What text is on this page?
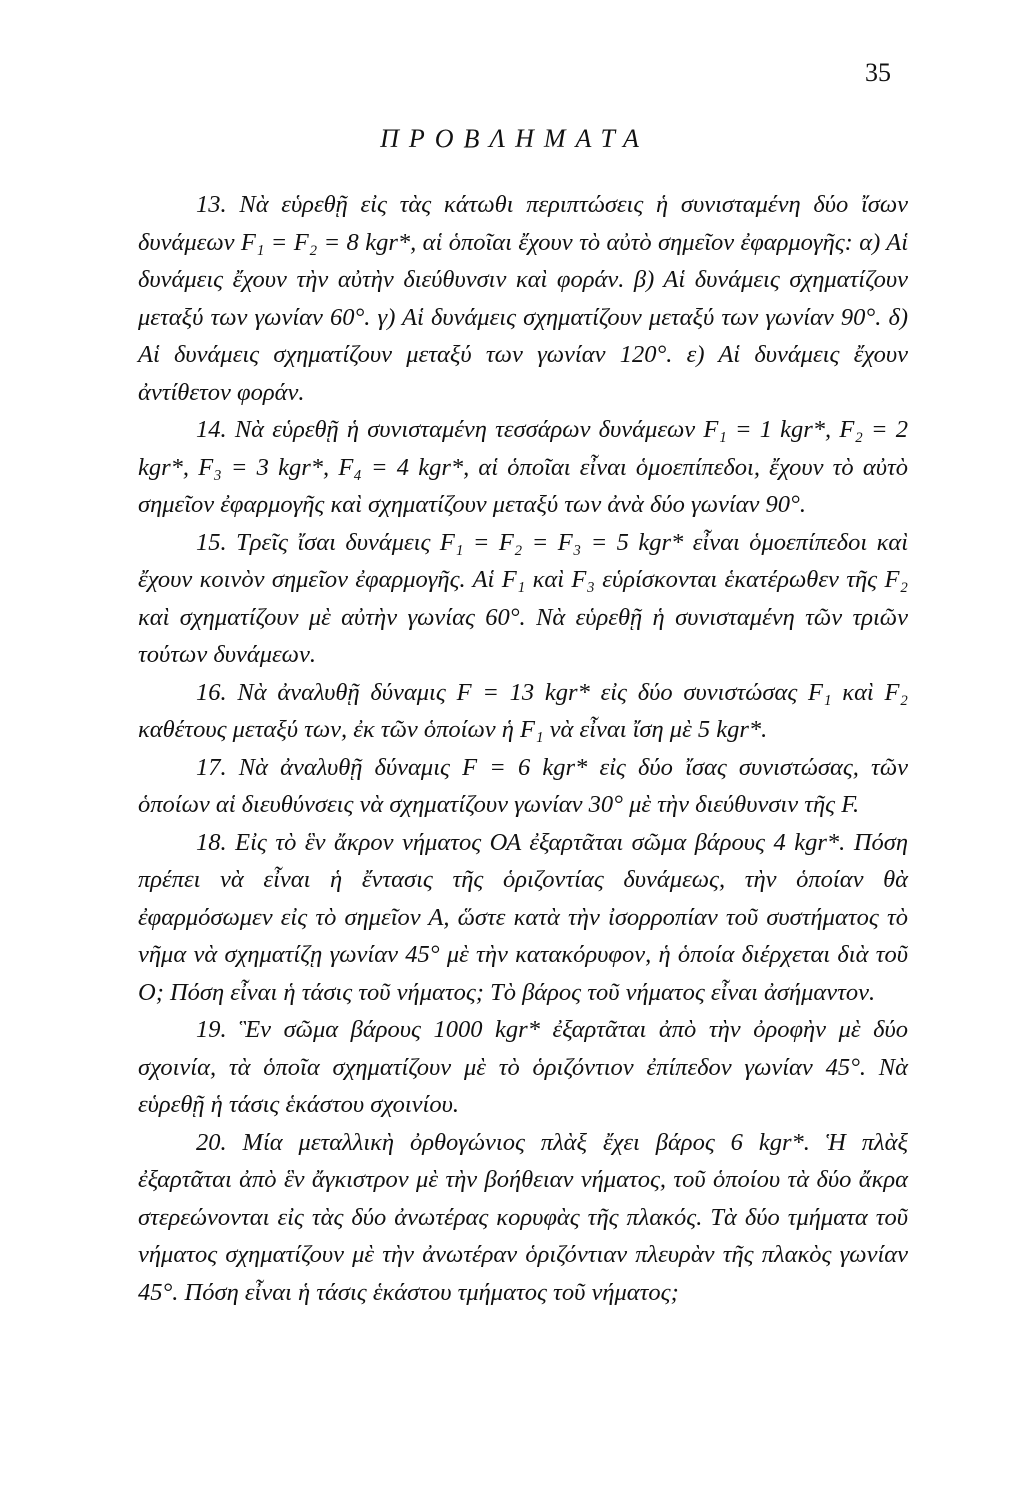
35

ΠΡΟΒΛΗΜΑΤΑ

13. Νὰ εὑρεθῇ εἰς τὰς κάτωθι περιπτώσεις ἡ συνισταμένη δύο ἴσων δυνάμεων F₁ = F₂ = 8 kgr*, αἱ ὁποῖαι ἔχουν τὸ αὐτὸ σημεῖον ἐφαρμογῆς: α) Αἱ δυνάμεις ἔχουν τὴν αὐτὴν διεύθυνσιν καὶ φοράν. β) Αἱ δυνάμεις σχηματίζουν μεταξύ των γωνίαν 60°. γ) Αἱ δυνάμεις σχηματίζουν μεταξύ των γωνίαν 90°. δ) Αἱ δυνάμεις σχηματίζουν μεταξύ των γωνίαν 120°. ε) Αἱ δυνάμεις ἔχουν ἀντίθετον φοράν.

14. Νὰ εὑρεθῇ ἡ συνισταμένη τεσσάρων δυνάμεων F₁ = 1 kgr*, F₂ = 2 kgr*, F₃ = 3 kgr*, F₄ = 4 kgr*, αἱ ὁποῖαι εἶναι ὁμοεπίπεδοι, ἔχουν τὸ αὐτὸ σημεῖον ἐφαρμογῆς καὶ σχηματίζουν μεταξύ των ἀνὰ δύο γωνίαν 90°.

15. Τρεῖς ἴσαι δυνάμεις F₁ = F₂ = F₃ = 5 kgr* εἶναι ὁμοεπίπεδοι καὶ ἔχουν κοινὸν σημεῖον ἐφαρμογῆς. Αἱ F₁ καὶ F₃ εὑρίσκονται ἑκατέρωθεν τῆς F₂ καὶ σχηματίζουν μὲ αὐτὴν γωνίας 60°. Νὰ εὑρεθῇ ἡ συνισταμένη τῶν τριῶν τούτων δυνάμεων.

16. Νὰ ἀναλυθῇ δύναμις F = 13 kgr* εἰς δύο συνιστώσας F₁ καὶ F₂ καθέτους μεταξύ των, ἐκ τῶν ὁποίων ἡ F₁ νὰ εἶναι ἴση μὲ 5 kgr*.

17. Νὰ ἀναλυθῇ δύναμις F = 6 kgr* εἰς δύο ἴσας συνιστώσας, τῶν ὁποίων αἱ διευθύνσεις νὰ σχηματίζουν γωνίαν 30° μὲ τὴν διεύθυνσιν τῆς F.

18. Εἰς τὸ ἓν ἄκρον νήματος ΟΑ ἐξαρτᾶται σῶμα βάρους 4 kgr*. Πόση πρέπει νὰ εἶναι ἡ ἔντασις τῆς ὁριζοντίας δυνάμεως, τὴν ὁποίαν θὰ ἐφαρμόσωμεν εἰς τὸ σημεῖον Α, ὥστε κατὰ τὴν ἰσορροπίαν τοῦ συστήματος τὸ νῆμα νὰ σχηματίζῃ γωνίαν 45° μὲ τὴν κατακόρυφον, ἡ ὁποία διέρχεται διὰ τοῦ Ο; Πόση εἶναι ἡ τάσις τοῦ νήματος; Τὸ βάρος τοῦ νήματος εἶναι ἀσήμαντον.

19. Ἓν σῶμα βάρους 1000 kgr* ἐξαρτᾶται ἀπὸ τὴν ὀροφὴν μὲ δύο σχοινία, τὰ ὁποῖα σχηματίζουν μὲ τὸ ὁριζόντιον ἐπίπεδον γωνίαν 45°. Νὰ εὑρεθῇ ἡ τάσις ἑκάστου σχοινίου.

20. Μία μεταλλικὴ ὀρθογώνιος πλὰξ ἔχει βάρος 6 kgr*. Ἡ πλὰξ ἐξαρτᾶται ἀπὸ ἓν ἄγκιστρον μὲ τὴν βοήθειαν νήματος, τοῦ ὁποίου τὰ δύο ἄκρα στερεώνονται εἰς τὰς δύο ἀνωτέρας κορυφὰς τῆς πλακός. Τὰ δύο τμήματα τοῦ νήματος σχηματίζουν μὲ τὴν ἀνωτέραν ὁριζόντιαν πλευρὰν τῆς πλακὸς γωνίαν 45°. Πόση εἶναι ἡ τάσις ἑκάστου τμήματος τοῦ νήματος;
